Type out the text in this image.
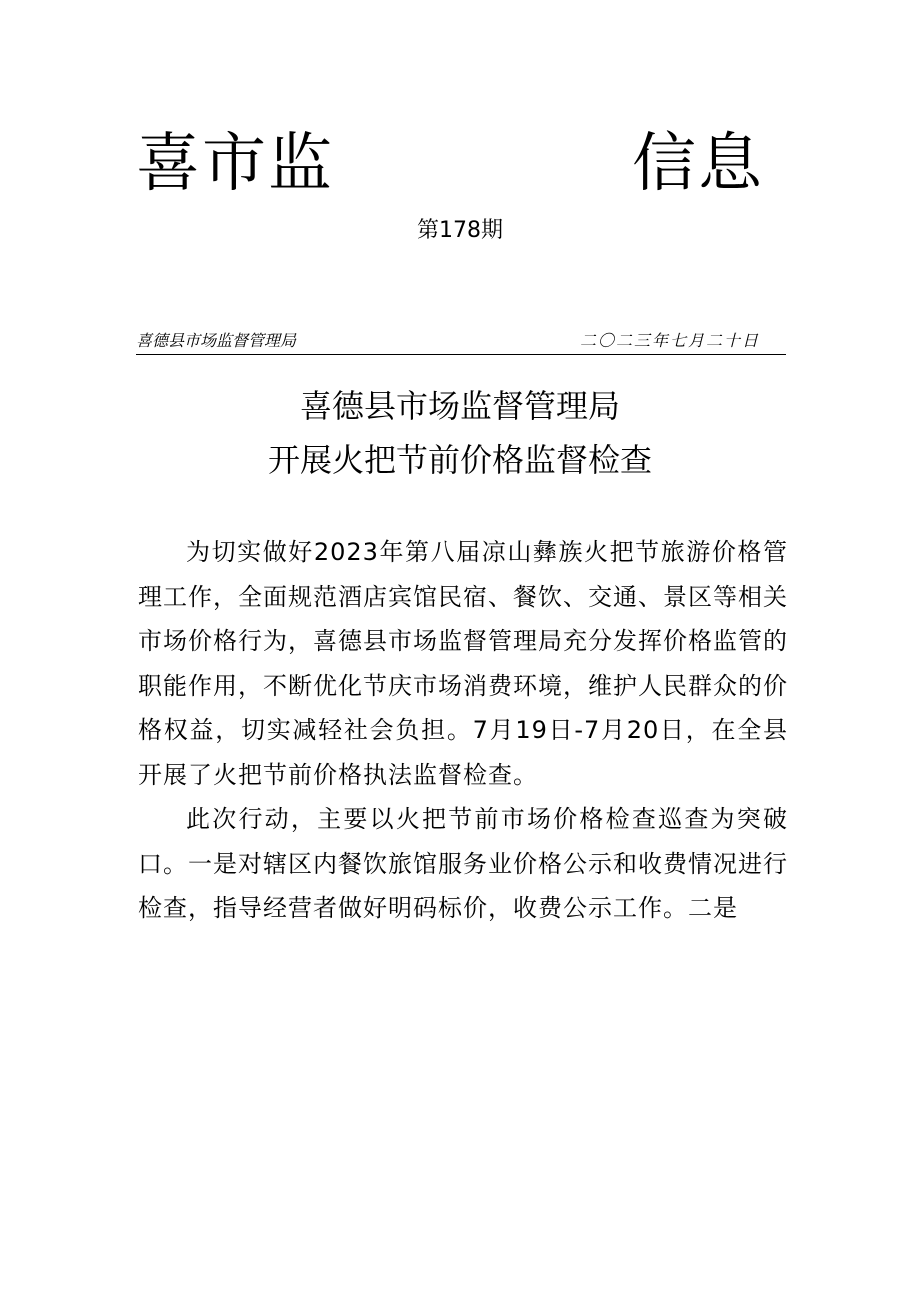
喜市监	信息
第178期
喜德县市场监督管理局	二〇二三年七月二十日
喜德县市场监督管理局
开展火把节前价格监督检查

为切实做好2023年第八届凉山彝族火把节旅游价格管理工作，全面规范酒店宾馆民宿、餐饮、交通、景区等相关市场价格行为，喜德县市场监督管理局充分发挥价格监管的职能作用，不断优化节庆市场消费环境，维护人民群众的价格权益，切实减轻社会负担。7月19日-7月20日，在全县开展了火把节前价格执法监督检查。

此次行动，主要以火把节前市场价格检查巡查为突破口。一是对辖区内餐饮旅馆服务业价格公示和收费情况进行检查，指导经营者做好明码标价，收费公示工作。二是
